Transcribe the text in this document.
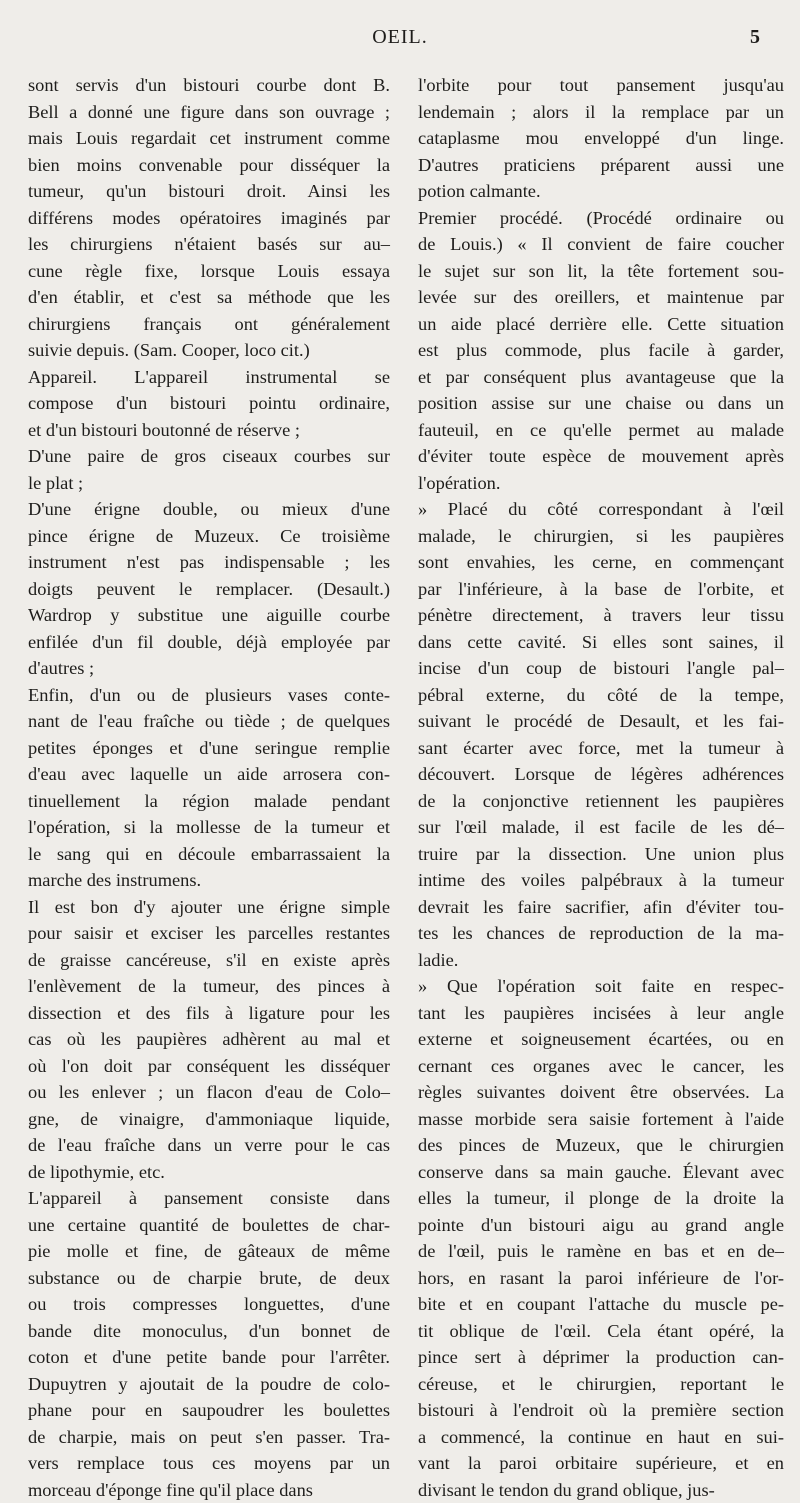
OEIL.	5
sont servis d'un bistouri courbe dont B.
Bell a donné une figure dans son ouvrage ;
mais Louis regardait cet instrument comme
bien moins convenable pour disséquer la
tumeur, qu'un bistouri droit. Ainsi les
différens modes opératoires imaginés par
les chirurgiens n'étaient basés sur au–
cune règle fixe, lorsque Louis essaya
d'en établir, et c'est sa méthode que les
chirurgiens français ont généralement
suivie depuis. (Sam. Cooper, loco cit.)
Appareil. L'appareil instrumental se
compose d'un bistouri pointu ordinaire,
et d'un bistouri boutonné de réserve ;
D'une paire de gros ciseaux courbes sur
le plat ;
D'une érigne double, ou mieux d'une
pince érigne de Muzeux. Ce troisième
instrument n'est pas indispensable ; les
doigts peuvent le remplacer. (Desault.)
Wardrop y substitue une aiguille courbe
enfilée d'un fil double, déjà employée par
d'autres ;
Enfin, d'un ou de plusieurs vases conte-
nant de l'eau fraîche ou tiède ; de quelques
petites éponges et d'une seringue remplie
d'eau avec laquelle un aide arrosera con-
tinuellement la région malade pendant
l'opération, si la mollesse de la tumeur et
le sang qui en découle embarrassaient la
marche des instrumens.
Il est bon d'y ajouter une érigne simple
pour saisir et exciser les parcelles restantes
de graisse cancéreuse, s'il en existe après
l'enlèvement de la tumeur, des pinces à
dissection et des fils à ligature pour les
cas où les paupières adhèrent au mal et
où l'on doit par conséquent les disséquer
ou les enlever ; un flacon d'eau de Colo–
gne, de vinaigre, d'ammoniaque liquide,
de l'eau fraîche dans un verre pour le cas
de lipothymie, etc.
L'appareil à pansement consiste dans
une certaine quantité de boulettes de char-
pie molle et fine, de gâteaux de même
substance ou de charpie brute, de deux
ou trois compresses longuettes, d'une
bande dite monoculus, d'un bonnet de
coton et d'une petite bande pour l'arrêter.
Dupuytren y ajoutait de la poudre de colo-
phane pour en saupoudrer les boulettes
de charpie, mais on peut s'en passer. Tra-
vers remplace tous ces moyens par un
morceau d'éponge fine qu'il place dans
l'orbite pour tout pansement jusqu'au
lendemain ; alors il la remplace par un
cataplasme mou enveloppé d'un linge.
D'autres praticiens préparent aussi une
potion calmante.
Premier procédé. (Procédé ordinaire ou
de Louis.) « Il convient de faire coucher
le sujet sur son lit, la tête fortement sou-
levée sur des oreillers, et maintenue par
un aide placé derrière elle. Cette situation
est plus commode, plus facile à garder,
et par conséquent plus avantageuse que la
position assise sur une chaise ou dans un
fauteuil, en ce qu'elle permet au malade
d'éviter toute espèce de mouvement après
l'opération.
» Placé du côté correspondant à l'œil
malade, le chirurgien, si les paupières
sont envahies, les cerne, en commençant
par l'inférieure, à la base de l'orbite, et
pénètre directement, à travers leur tissu
dans cette cavité. Si elles sont saines, il
incise d'un coup de bistouri l'angle pal–
pébral externe, du côté de la tempe,
suivant le procédé de Desault, et les fai-
sant écarter avec force, met la tumeur à
découvert. Lorsque de légères adhérences
de la conjonctive retiennent les paupières
sur l'œil malade, il est facile de les dé–
truire par la dissection. Une union plus
intime des voiles palpébraux à la tumeur
devrait les faire sacrifier, afin d'éviter tou-
tes les chances de reproduction de la ma-
ladie.
» Que l'opération soit faite en respec-
tant les paupières incisées à leur angle
externe et soigneusement écartées, ou en
cernant ces organes avec le cancer, les
règles suivantes doivent être observées. La
masse morbide sera saisie fortement à l'aide
des pinces de Muzeux, que le chirurgien
conserve dans sa main gauche. Élevant avec
elles la tumeur, il plonge de la droite la
pointe d'un bistouri aigu au grand angle
de l'œil, puis le ramène en bas et en de–
hors, en rasant la paroi inférieure de l'or-
bite et en coupant l'attache du muscle pe-
tit oblique de l'œil. Cela étant opéré, la
pince sert à déprimer la production can-
céreuse, et le chirurgien, reportant le
bistouri à l'endroit où la première section
a commencé, la continue en haut en sui-
vant la paroi orbitaire supérieure, et en
divisant le tendon du grand oblique, jus-
